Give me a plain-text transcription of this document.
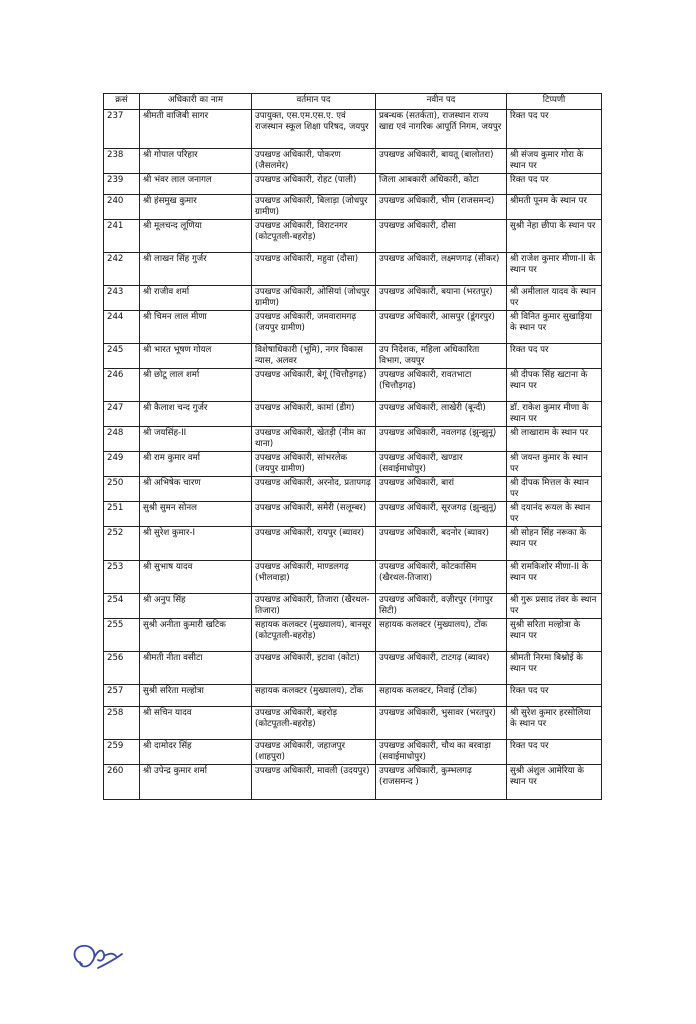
क्रसं	अधिकारी का नाम	वर्तमान पद	नवीन पद	टिप्पणी
237	श्रीमती वाजिबी सागर	उपायुक्त, एस.एम.एस.ए. एवं राजस्थान स्कूल शिक्षा परिषद, जयपुर	प्रबन्धक (सतर्कता), राजस्थान राज्य खाद्य एवं नागरिक आपूर्ति निगम, जयपुर	रिक्त पद पर
238	श्री गोपाल परिहार	उपखण्ड अधिकारी, पोकरण (जैसलमेर)	उपखण्ड अधिकारी, बायतू (बालोतरा)	श्री संजय कुमार गोरा के स्थान पर
239	श्री भंवर लाल जनागल	उपखण्ड अधिकारी, रोहट (पाली)	जिला आबकारी अधिकारी, कोटा	रिक्त पद पर
240	श्री हंसमुख कुमार	उपखण्ड अधिकारी, बिलाड़ा (जोधपुर ग्रामीण)	उपखण्ड अधिकारी, भीम (राजसमन्द)	श्रीमती पूनम के स्थान पर
241	श्री मूलचन्द लूणिया	उपखण्ड अधिकारी, विराटनगर (कोटपूतली-बहरोड़)	उपखण्ड अधिकारी, दौसा	सुश्री नेहा छीपा के स्थान पर
242	श्री लाखन सिंह गुर्जर	उपखण्ड अधिकारी, महुवा (दौसा)	उपखण्ड अधिकारी, लक्ष्मणगढ़ (सीकर)	श्री राजेश कुमार मीणा-II के स्थान पर
243	श्री राजीव शर्मा	उपखण्ड अधिकारी, ओसियां (जोधपुर ग्रामीण)	उपखण्ड अधिकारी, बयाना (भरतपुर)	श्री अमीलाल यादव के स्थान पर
244	श्री चिमन लाल मीणा	उपखण्ड अधिकारी, जमवारामगढ़ (जयपुर ग्रामीण)	उपखण्ड अधिकारी, आसपुर (डूंगरपुर)	श्री विनित कुमार सुखाड़िया के स्थान पर
245	श्री भारत भूषण गोयल	विशेषाधिकारी (भूमि), नगर विकास न्यास, अलवर	उप निदेशक, महिला अधिकारिता विभाग, जयपुर	रिक्त पद पर
246	श्री छोटू लाल शर्मा	उपखण्ड अधिकारी, बेगूं (चित्तौड़गढ़)	उपखण्ड अधिकारी, रावतभाटा (चित्तौड़गढ़)	श्री दीपक सिंह खटाना के स्थान पर
247	श्री कैलाश चन्द गुर्जर	उपखण्ड अधिकारी, कामां (डीग)	उपखण्ड अधिकारी, लाखेरी (बून्दी)	डॉ. राकेश कुमार मीणा के स्थान पर
248	श्री जयसिंह-II	उपखण्ड अधिकारी, खेतड़ी (नीम का थाना)	उपखण्ड अधिकारी, नवलगढ़ (झुन्झुनू)	श्री लाखाराम के स्थान पर
249	श्री राम कुमार वर्मा	उपखण्ड अधिकारी, सांभरलेक (जयपुर ग्रामीण)	उपखण्ड अधिकारी, खण्डार (सवाईमाधोपुर)	श्री जयन्त कुमार के स्थान पर
250	श्री अभिषेक चारण	उपखण्ड अधिकारी, अरनोद, प्रतापगढ़	उपखण्ड अधिकारी, बारां	श्री दीपक मित्तल के स्थान पर
251	सुश्री सुमन सोनल	उपखण्ड अधिकारी, समेरी (सलूम्बर)	उपखण्ड अधिकारी, सूरजगढ़ (झुन्झुनू)	श्री दयानंद रूयल के स्थान पर
252	श्री सुरेश कुमार-I	उपखण्ड अधिकारी, रायपुर (ब्यावर)	उपखण्ड अधिकारी, बदनोर (ब्यावर)	श्री सोहन सिंह नरूका के स्थान पर
253	श्री सुभाष यादव	उपखण्ड अधिकारी, माण्डलगढ़ (भीलवाड़ा)	उपखण्ड अधिकारी, कोटकासिम (खैरथल-तिजारा)	श्री रामकिशोर मीणा-II के स्थान पर
254	श्री अनुप सिंह	उपखण्ड अधिकारी, तिजारा (खैरथल-तिजारा)	उपखण्ड अधिकारी, वज़ीरपुर (गंगापुर सिटी)	श्री गुरू प्रसाद तंवर के स्थान पर
255	सुश्री अनीता कुमारी खटिक	सहायक कलक्टर (मुख्यालय), बानसूर (कोटपूतली-बहरोड़)	सहायक कलक्टर (मुख्यालय), टोंक	सुश्री सरिता मल्होत्रा के स्थान पर
256	श्रीमती नीता वसीटा	उपखण्ड अधिकारी, इटावा (कोटा)	उपखण्ड अधिकारी, टाटगढ़ (ब्यावर)	श्रीमती निरमा बिश्नोई के स्थान पर
257	सुश्री सरिता मल्होत्रा	सहायक कलक्टर (मुख्यालय), टोंक	सहायक कलक्टर, निवाई (टोंक)	रिक्त पद पर
258	श्री सचिन यादव	उपखण्ड अधिकारी, बहरोड़ (कोटपूतली-बहरोड़)	उपखण्ड अधिकारी, भुसावर (भरतपुर)	श्री सुरेश कुमार हरसोलिया के स्थान पर
259	श्री दामोदर सिंह	उपखण्ड अधिकारी, जहाजपुर (शाहपुरा)	उपखण्ड अधिकारी, चौथ का बरवाड़ा (सवाईमाधोपुर)	रिक्त पद पर
260	श्री उपेन्द्र कुमार शर्मा	उपखण्ड अधिकारी, मावली (उदयपुर)	उपखण्ड अधिकारी, कुम्भलगढ़ (राजसमन्द )	सुश्री अंशुल आमेरिया के स्थान पर
